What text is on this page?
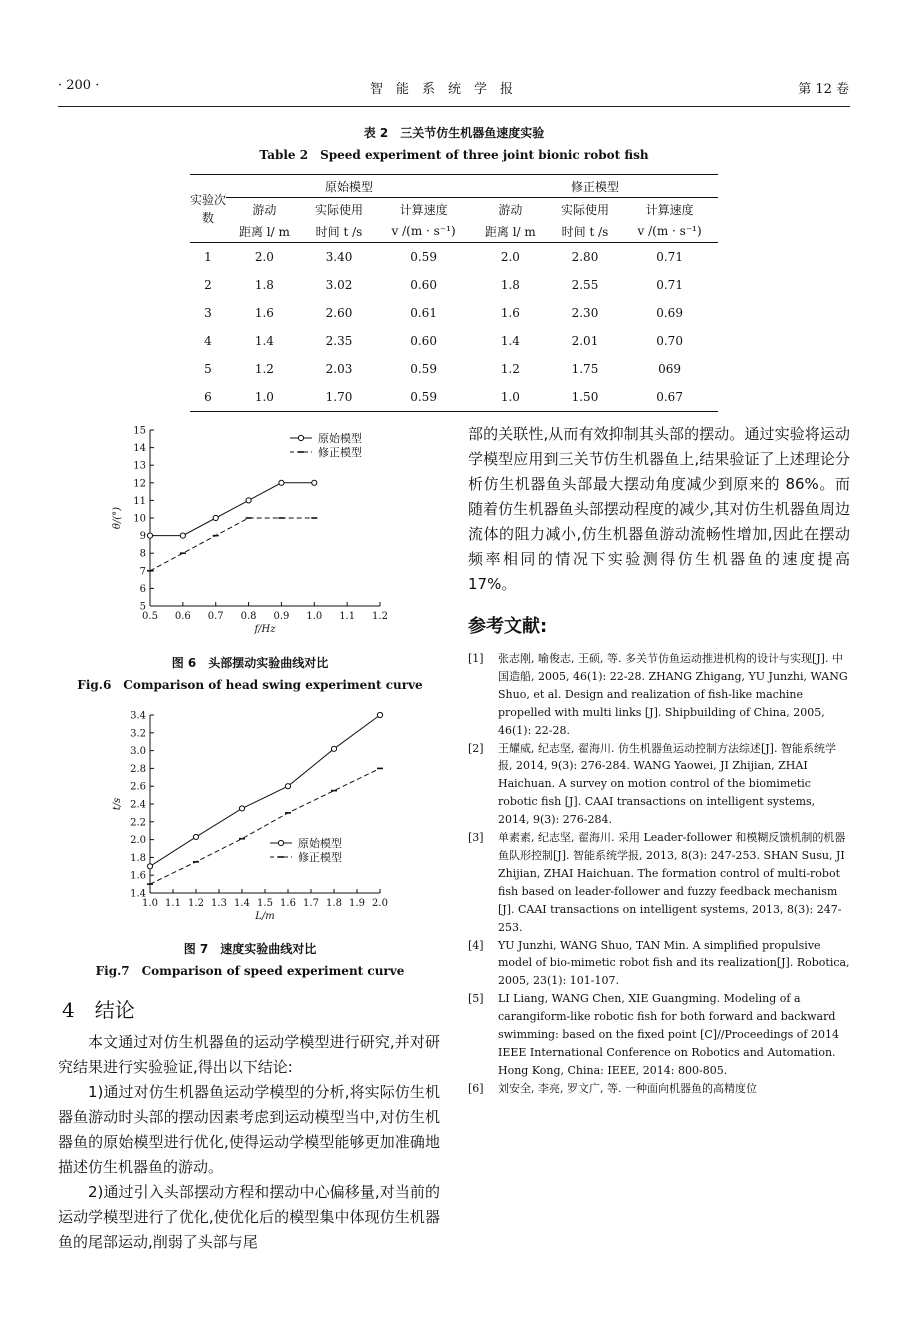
· 200 ·	智　能　系　统　学　报	第 12 卷
表 2　三关节仿生机器鱼速度实验
Table 2　Speed experiment of three joint bionic robot fish
实验次数	原始模型			修正模型		
	游动	实际使用	计算速度	游动	实际使用	计算速度
	距离 l/ m	时间 t /s	v /(m · s⁻¹)	距离 l/ m	时间 t /s	v /(m · s⁻¹)
1	2.0	3.40	0.59	2.0	2.80	0.71
2	1.8	3.02	0.60	1.8	2.55	0.71
3	1.6	2.60	0.61	1.6	2.30	0.69
4	1.4	2.35	0.60	1.4	2.01	0.70
5	1.2	2.03	0.59	1.2	1.75	069
6	1.0	1.70	0.59	1.0	1.50	0.67
5
6
7
8
9
10
11
12
13
14
15
0.5 0.6 0.7 0.8 0.9 1.0 1.1 1.2
f/Hz
θ/(°)
原始模型
修正模型
图 6　头部摆动实验曲线对比
Fig.6　Comparison of head swing experiment curve
1.4
1.6
1.8
2.0
2.2
2.4
2.6
2.8
3.0
3.2
3.4
1.0 1.1 1.2 1.3 1.4 1.5 1.6 1.7 1.8 1.9 2.0
L/m
t/s
原始模型
修正模型
图 7　速度实验曲线对比
Fig.7　Comparison of speed experiment curve
4　结论
本文通过对仿生机器鱼的运动学模型进行研究,并对研究结果进行实验验证,得出以下结论:
1)通过对仿生机器鱼运动学模型的分析,将实际仿生机器鱼游动时头部的摆动因素考虑到运动模型当中,对仿生机器鱼的原始模型进行优化,使得运动学模型能够更加准确地描述仿生机器鱼的游动。
2)通过引入头部摆动方程和摆动中心偏移量,对当前的运动学模型进行了优化,使优化后的模型集中体现仿生机器鱼的尾部运动,削弱了头部与尾
部的关联性,从而有效抑制其头部的摆动。通过实验将运动学模型应用到三关节仿生机器鱼上,结果验证了上述理论分析仿生机器鱼头部最大摆动角度减少到原来的 86%。而随着仿生机器鱼头部摆动程度的减少,其对仿生机器鱼周边流体的阻力减小,仿生机器鱼游动流畅性增加,因此在摆动频率相同的情况下实验测得仿生机器鱼的速度提高 17%。
参考文献:
[1] 张志刚, 喻俊志, 王硕, 等. 多关节仿鱼运动推进机构的设计与实现[J]. 中国造船, 2005, 46(1): 22-28. ZHANG Zhigang, YU Junzhi, WANG Shuo, et al. Design and realization of fish-like machine propelled with multi links [J]. Shipbuilding of China, 2005, 46(1): 22-28.
[2] 王耀威, 纪志坚, 翟海川. 仿生机器鱼运动控制方法综述[J]. 智能系统学报, 2014, 9(3): 276-284. WANG Yaowei, JI Zhijian, ZHAI Haichuan. A survey on motion control of the biomimetic robotic fish [J]. CAAI transactions on intelligent systems, 2014, 9(3): 276-284.
[3] 单素素, 纪志坚, 翟海川. 采用 Leader-follower 和模糊反馈机制的机器鱼队形控制[J]. 智能系统学报, 2013, 8(3): 247-253. SHAN Susu, JI Zhijian, ZHAI Haichuan. The formation control of multi-robot fish based on leader-follower and fuzzy feedback mechanism [J]. CAAI transactions on intelligent systems, 2013, 8(3): 247-253.
[4] YU Junzhi, WANG Shuo, TAN Min. A simplified propulsive model of bio-mimetic robot fish and its realization[J]. Robotica, 2005, 23(1): 101-107.
[5] LI Liang, WANG Chen, XIE Guangming. Modeling of a carangiform-like robotic fish for both forward and backward swimming: based on the fixed point [C]//Proceedings of 2014 IEEE International Conference on Robotics and Automation. Hong Kong, China: IEEE, 2014: 800-805.
[6] 刘安全, 李亮, 罗文广, 等. 一种面向机器鱼的高精度位
